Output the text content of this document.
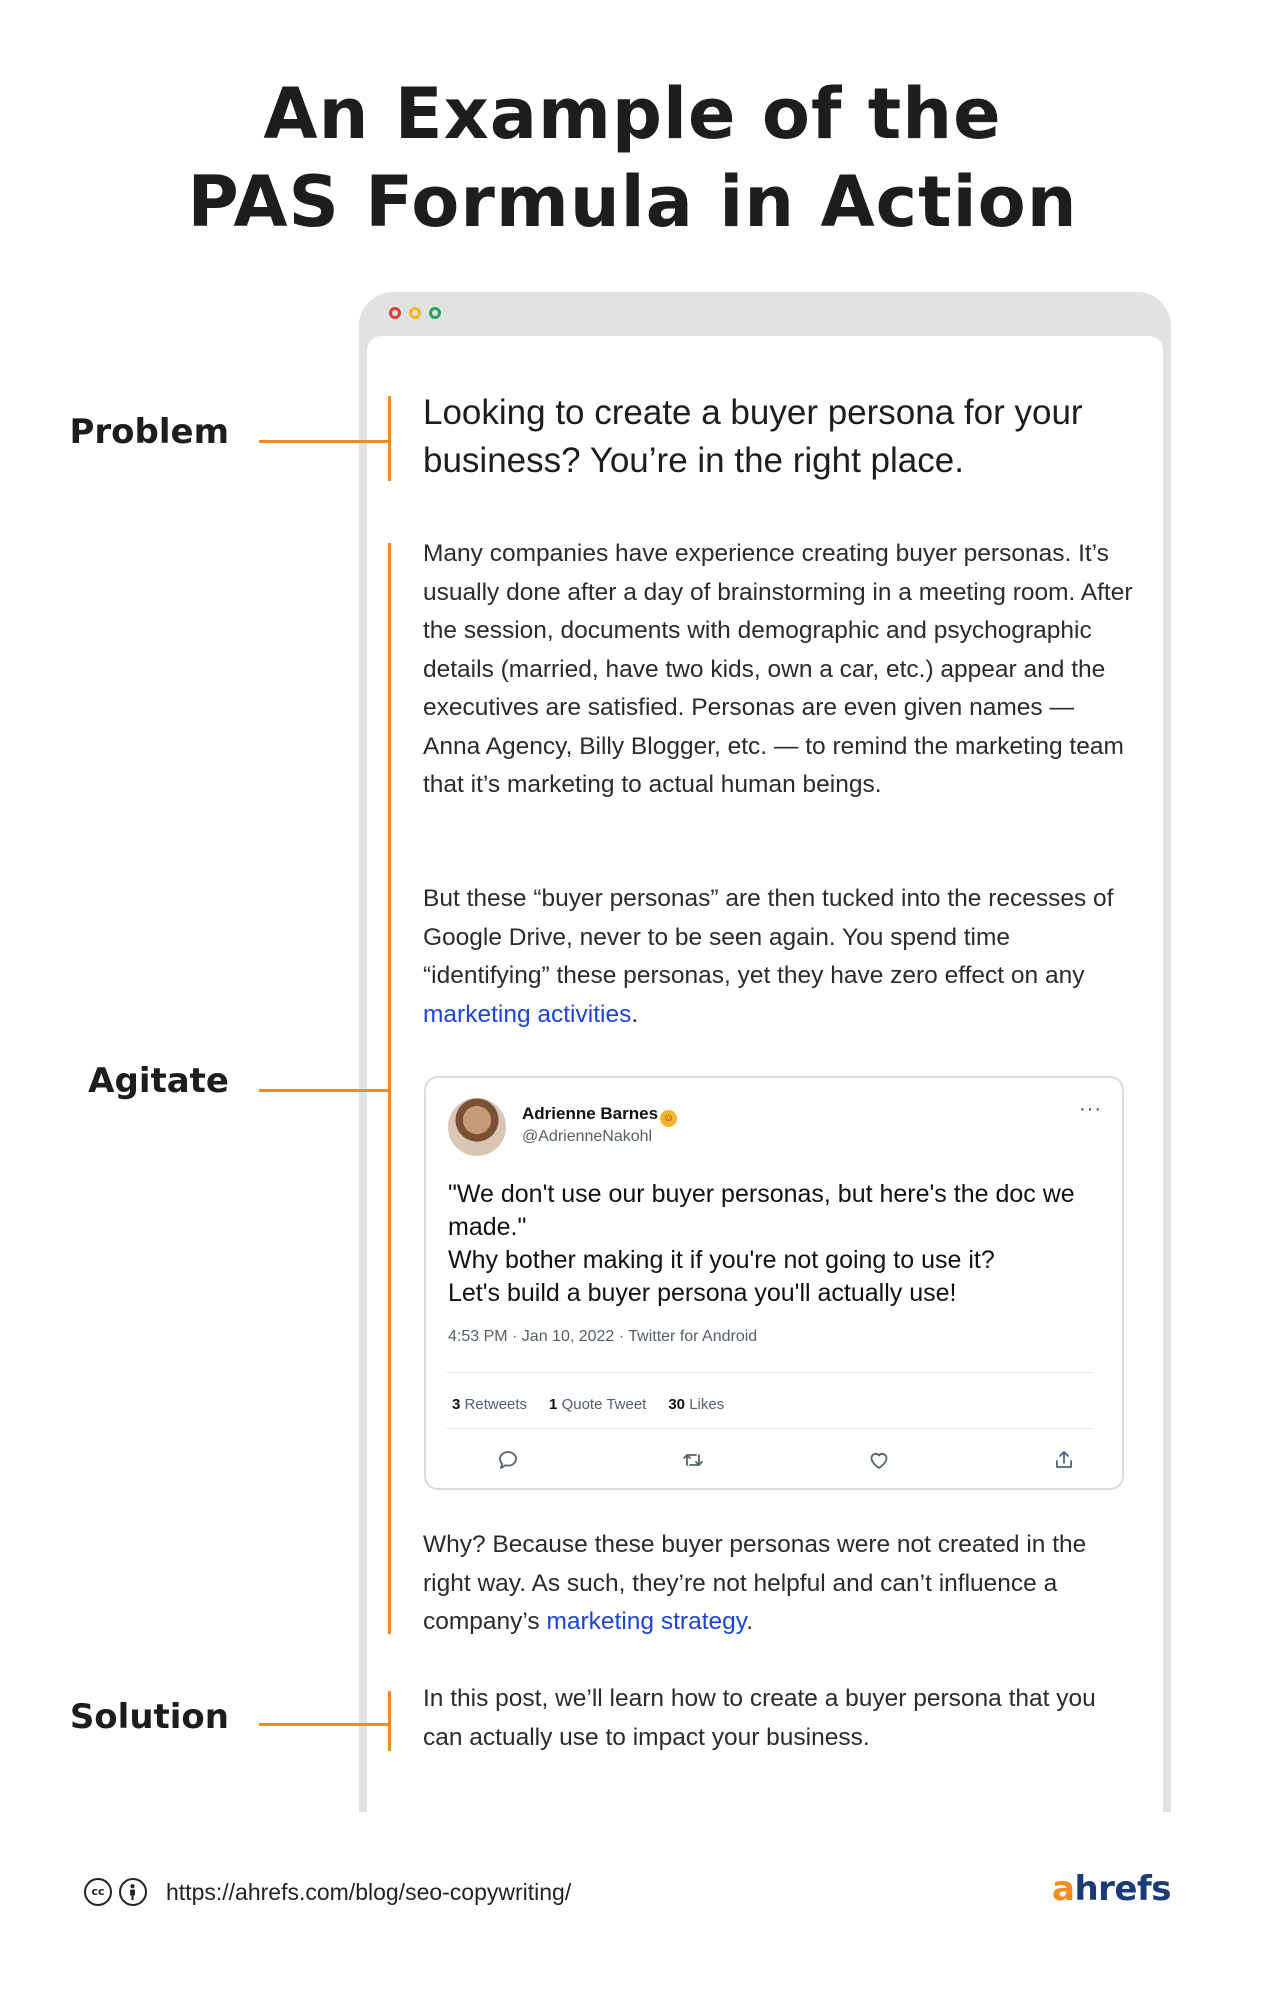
An Example of the
PAS Formula in Action

Problem

Agitate

Solution

Looking to create a buyer persona for your business? You’re in the right place.

Many companies have experience creating buyer personas. It’s usually done after a day of brainstorming in a meeting room. After the session, documents with demographic and psychographic details (married, have two kids, own a car, etc.) appear and the executives are satisfied. Personas are even given names — Anna Agency, Billy Blogger, etc. — to remind the marketing team that it’s marketing to actual human beings.

But these “buyer personas” are then tucked into the recesses of Google Drive, never to be seen again. You spend time “identifying” these personas, yet they have zero effect on any marketing activities.

Adrienne Barnes ☺
@AdrienneNakohl
···

"We don't use our buyer personas, but here's the doc we made."
Why bother making it if you're not going to use it?
Let's build a buyer persona you'll actually use!

4:53 PM · Jan 10, 2022 · Twitter for Android
3 Retweets 1 Quote Tweet 30 Likes

Why? Because these buyer personas were not created in the right way. As such, they’re not helpful and can’t influence a company’s marketing strategy.

In this post, we’ll learn how to create a buyer persona that you can actually use to impact your business.

cc	https://ahrefs.com/blog/seo-copywriting/	ahrefs
